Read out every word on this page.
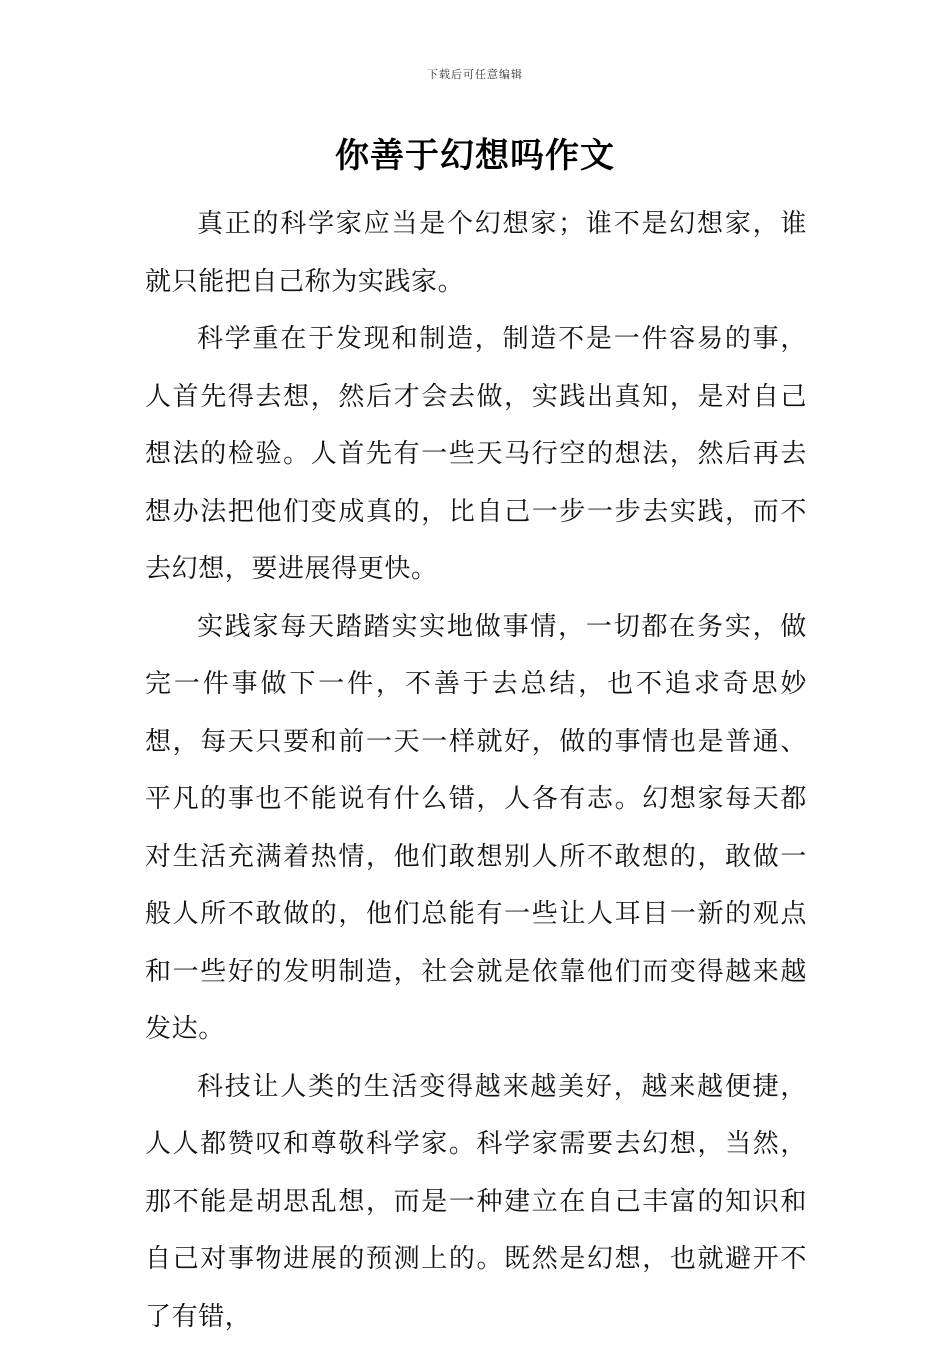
下载后可任意编辑
你善于幻想吗作文

真正的科学家应当是个幻想家；谁不是幻想家，谁就只能把自己称为实践家。

科学重在于发现和制造，制造不是一件容易的事，人首先得去想，然后才会去做，实践出真知，是对自己想法的检验。人首先有一些天马行空的想法，然后再去想办法把他们变成真的，比自己一步一步去实践，而不去幻想，要进展得更快。

实践家每天踏踏实实地做事情，一切都在务实，做完一件事做下一件，不善于去总结，也不追求奇思妙想，每天只要和前一天一样就好，做的事情也是普通、平凡的事也不能说有什么错，人各有志。幻想家每天都对生活充满着热情，他们敢想别人所不敢想的，敢做一般人所不敢做的，他们总能有一些让人耳目一新的观点和一些好的发明制造，社会就是依靠他们而变得越来越发达。

科技让人类的生活变得越来越美好，越来越便捷，人人都赞叹和尊敬科学家。科学家需要去幻想，当然，那不能是胡思乱想，而是一种建立在自己丰富的知识和自己对事物进展的预测上的。既然是幻想，也就避开不了有错，
